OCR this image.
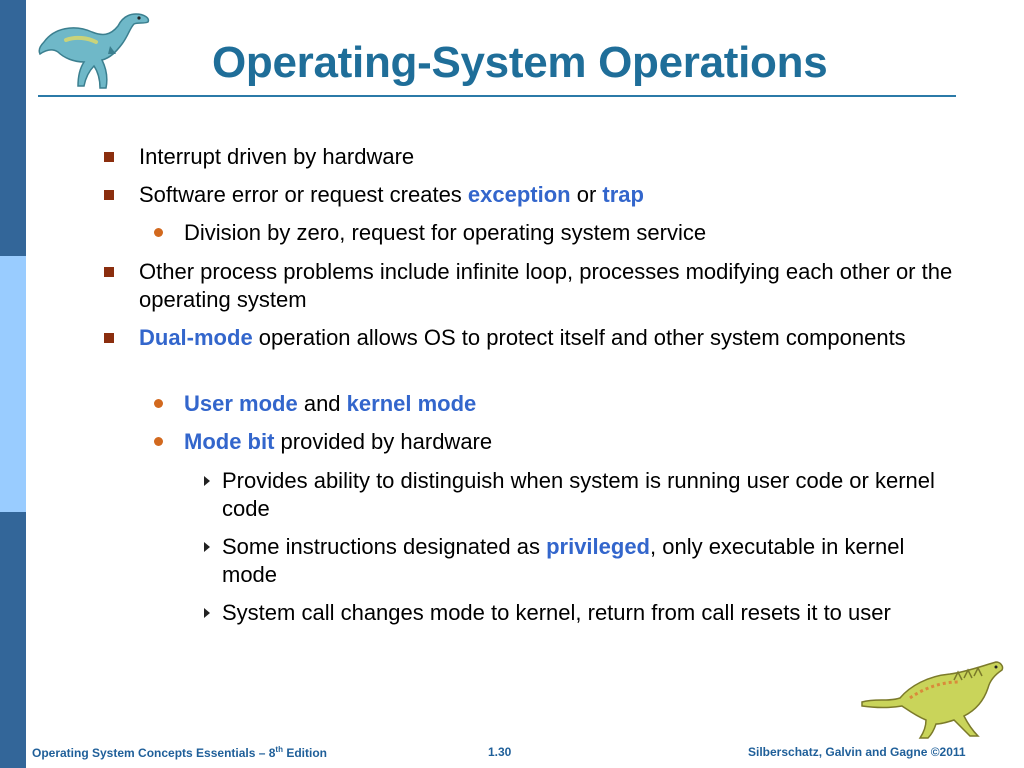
Operating-System Operations
Interrupt driven by hardware
Software error or request creates exception or trap
Division by zero, request for operating system service
Other process problems include infinite loop, processes modifying each other or the operating system
Dual-mode operation allows OS to protect itself and other system components
User mode and kernel mode
Mode bit provided by hardware
Provides ability to distinguish when system is running user code or kernel code
Some instructions designated as privileged, only executable in kernel mode
System call changes mode to kernel, return from call resets it to user
Operating System Concepts Essentials – 8th Edition	1.30	Silberschatz, Galvin and Gagne ©2011
